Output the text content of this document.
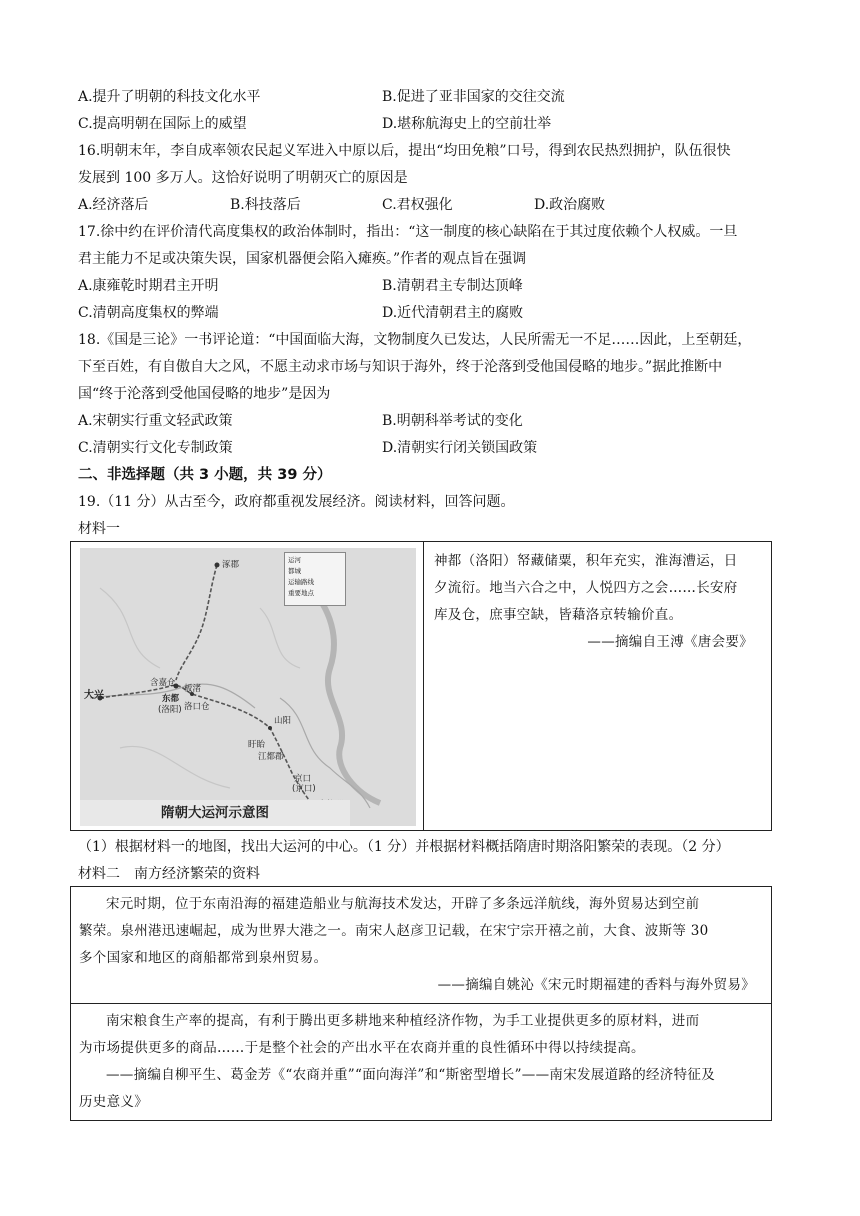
A.提升了明朝的科技文化水平	B.促进了亚非国家的交往交流
C.提高明朝在国际上的威望	D.堪称航海史上的空前壮举
16.明朝末年，李自成率领农民起义军进入中原以后，提出“均田免粮”口号，得到农民热烈拥护，队伍很快
发展到 100 多万人。这恰好说明了明朝灭亡的原因是
A.经济落后	B.科技落后	C.君权强化	D.政治腐败
17.徐中约在评价清代高度集权的政治体制时，指出：“这一制度的核心缺陷在于其过度依赖个人权威。一旦
君主能力不足或决策失误，国家机器便会陷入瘫痪。”作者的观点旨在强调
A.康雍乾时期君主开明	B.清朝君主专制达顶峰
C.清朝高度集权的弊端	D.近代清朝君主的腐败
18.《国是三论》一书评论道：“中国面临大海，文物制度久已发达，人民所需无一不足……因此，上至朝廷，
下至百姓，有自傲自大之风，不愿主动求市场与知识于海外，终于沦落到受他国侵略的地步。”据此推断中
国“终于沦落到受他国侵略的地步”是因为
A.宋朝实行重文轻武政策	B.明朝科举考试的变化
C.清朝实行文化专制政策	D.清朝实行闭关锁国政策
二、非选择题（共 3 小题，共 39 分）
19.（11 分）从古至今，政府都重视发展经济。阅读材料，回答问题。
材料一
运河
都城
运输路线
重要地点
涿郡
大兴	东都
(洛阳)
含嘉仓
洛口仓
板渚
山阳
盱眙
江都郡
京口
(京口)
隋朝大运河示意图
神都（洛阳）帑藏储粟，积年充实，淮海漕运，日
夕流衍。地当六合之中，人悦四方之会……长安府
库及仓，庶事空缺，皆藉洛京转输价直。
——摘编自王溥《唐会要》
（1）根据材料一的地图，找出大运河的中心。（1 分）并根据材料概括隋唐时期洛阳繁荣的表现。（2 分）
材料二　南方经济繁荣的资料
宋元时期，位于东南沿海的福建造船业与航海技术发达，开辟了多条远洋航线，海外贸易达到空前
繁荣。泉州港迅速崛起，成为世界大港之一。南宋人赵彦卫记载，在宋宁宗开禧之前，大食、波斯等 30
多个国家和地区的商船都常到泉州贸易。
——摘编自姚沁《宋元时期福建的香料与海外贸易》
南宋粮食生产率的提高，有利于腾出更多耕地来种植经济作物，为手工业提供更多的原材料，进而
为市场提供更多的商品……于是整个社会的产出水平在农商并重的良性循环中得以持续提高。
——摘编自柳平生、葛金芳《“农商并重”“面向海洋”和“斯密型增长”——南宋发展道路的经济特征及
历史意义》
